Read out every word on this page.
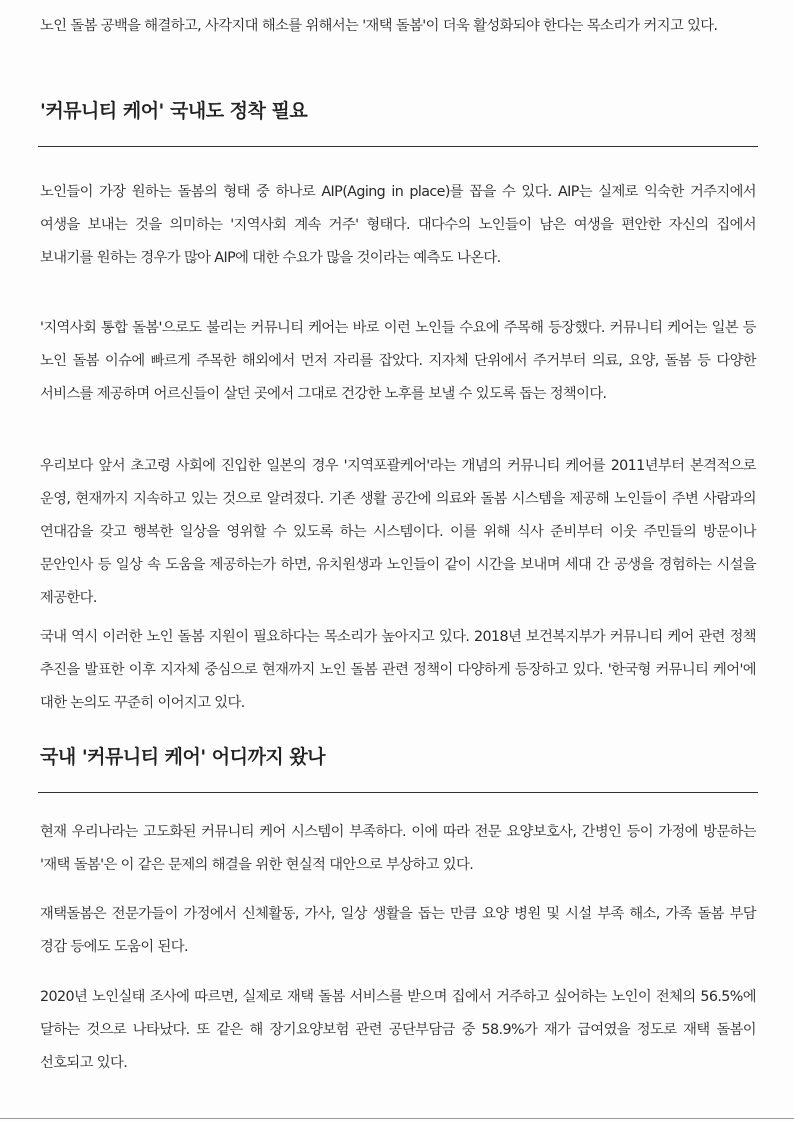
노인 돌봄 공백을 해결하고, 사각지대 해소를 위해서는 '재택 돌봄'이 더욱 활성화되야 한다는 목소리가 커지고 있다.

'커뮤니티 케어' 국내도 정착 필요

노인들이 가장 원하는 돌봄의 형태 중 하나로 AIP(Aging in place)를 꼽을 수 있다. AIP는 실제로 익숙한 거주지에서 여생을 보내는 것을 의미하는 '지역사회 계속 거주' 형태다. 대다수의 노인들이 남은 여생을 편안한 자신의 집에서 보내기를 원하는 경우가 많아 AIP에 대한 수요가 많을 것이라는 예측도 나온다.

'지역사회 통합 돌봄'으로도 불리는 커뮤니티 케어는 바로 이런 노인들 수요에 주목해 등장했다. 커뮤니티 케어는 일본 등 노인 돌봄 이슈에 빠르게 주목한 해외에서 먼저 자리를 잡았다. 지자체 단위에서 주거부터 의료, 요양, 돌봄 등 다양한 서비스를 제공하며 어르신들이 살던 곳에서 그대로 건강한 노후를 보낼 수 있도록 돕는 정책이다.

우리보다 앞서 초고령 사회에 진입한 일본의 경우 '지역포괄케어'라는 개념의 커뮤니티 케어를 2011년부터 본격적으로 운영, 현재까지 지속하고 있는 것으로 알려졌다. 기존 생활 공간에 의료와 돌봄 시스템을 제공해 노인들이 주변 사람과의 연대감을 갖고 행복한 일상을 영위할 수 있도록 하는 시스템이다. 이를 위해 식사 준비부터 이웃 주민들의 방문이나 문안인사 등 일상 속 도움을 제공하는가 하면, 유치원생과 노인들이 같이 시간을 보내며 세대 간 공생을 경험하는 시설을 제공한다.

국내 역시 이러한 노인 돌봄 지원이 필요하다는 목소리가 높아지고 있다. 2018년 보건복지부가 커뮤니티 케어 관련 정책 추진을 발표한 이후 지자체 중심으로 현재까지 노인 돌봄 관련 정책이 다양하게 등장하고 있다. '한국형 커뮤니티 케어'에 대한 논의도 꾸준히 이어지고 있다.

국내 '커뮤니티 케어' 어디까지 왔나

현재 우리나라는 고도화된 커뮤니티 케어 시스템이 부족하다. 이에 따라 전문 요양보호사, 간병인 등이 가정에 방문하는 '재택 돌봄'은 이 같은 문제의 해결을 위한 현실적 대안으로 부상하고 있다.

재택돌봄은 전문가들이 가정에서 신체활동, 가사, 일상 생활을 돕는 만큼 요양 병원 및 시설 부족 해소, 가족 돌봄 부담 경감 등에도 도움이 된다.

2020년 노인실태 조사에 따르면, 실제로 재택 돌봄 서비스를 받으며 집에서 거주하고 싶어하는 노인이 전체의 56.5%에 달하는 것으로 나타났다. 또 같은 해 장기요양보험 관련 공단부담금 중 58.9%가 재가 급여였을 정도로 재택 돌봄이 선호되고 있다.
